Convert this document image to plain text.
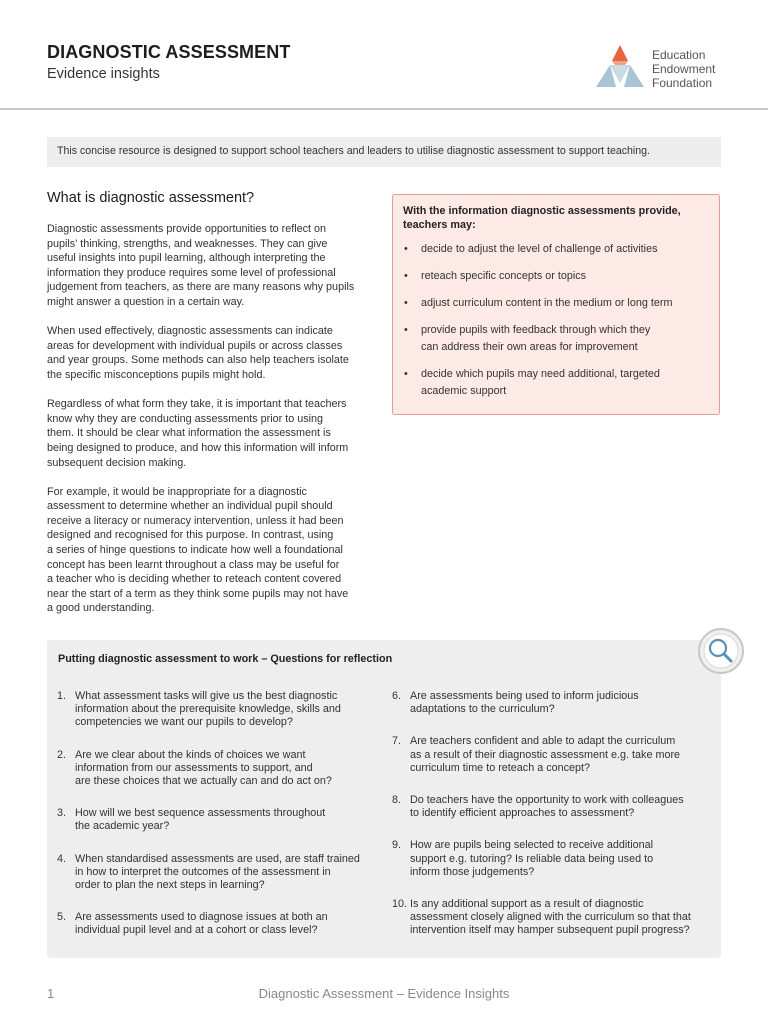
DIAGNOSTIC ASSESSMENT
Evidence insights
Education
Endowment
Foundation
This concise resource is designed to support school teachers and leaders to utilise diagnostic assessment to support teaching.
What is diagnostic assessment?

Diagnostic assessments provide opportunities to reflect on
pupils' thinking, strengths, and weaknesses. They can give
useful insights into pupil learning, although interpreting the
information they produce requires some level of professional
judgement from teachers, as there are many reasons why pupils
might answer a question in a certain way.

When used effectively, diagnostic assessments can indicate
areas for development with individual pupils or across classes
and year groups. Some methods can also help teachers isolate
the specific misconceptions pupils might hold.

Regardless of what form they take, it is important that teachers
know why they are conducting assessments prior to using
them. It should be clear what information the assessment is
being designed to produce, and how this information will inform
subsequent decision making.

For example, it would be inappropriate for a diagnostic
assessment to determine whether an individual pupil should
receive a literacy or numeracy intervention, unless it had been
designed and recognised for this purpose. In contrast, using
a series of hinge questions to indicate how well a foundational
concept has been learnt throughout a class may be useful for
a teacher who is deciding whether to reteach content covered
near the start of a term as they think some pupils may not have
a good understanding.

With the information diagnostic assessments provide, teachers may:
• decide to adjust the level of challenge of activities
• reteach specific concepts or topics
• adjust curriculum content in the medium or long term
• provide pupils with feedback through which they
can address their own areas for improvement
• decide which pupils may need additional, targeted
academic support
Putting diagnostic assessment to work – Questions for reflection
1. What assessment tasks will give us the best diagnostic
information about the prerequisite knowledge, skills and
competencies we want our pupils to develop?
2. Are we clear about the kinds of choices we want
information from our assessments to support, and
are these choices that we actually can and do act on?
3. How will we best sequence assessments throughout
the academic year?
4. When standardised assessments are used, are staff trained
in how to interpret the outcomes of the assessment in
order to plan the next steps in learning?
5. Are assessments used to diagnose issues at both an
individual pupil level and at a cohort or class level?
6. Are assessments being used to inform judicious
adaptations to the curriculum?
7. Are teachers confident and able to adapt the curriculum
as a result of their diagnostic assessment e.g. take more
curriculum time to reteach a concept?
8. Do teachers have the opportunity to work with colleagues
to identify efficient approaches to assessment?
9. How are pupils being selected to receive additional
support e.g. tutoring? Is reliable data being used to
inform those judgements?
10. Is any additional support as a result of diagnostic
assessment closely aligned with the curriculum so that that
intervention itself may hamper subsequent pupil progress?
1	Diagnostic Assessment – Evidence Insights
